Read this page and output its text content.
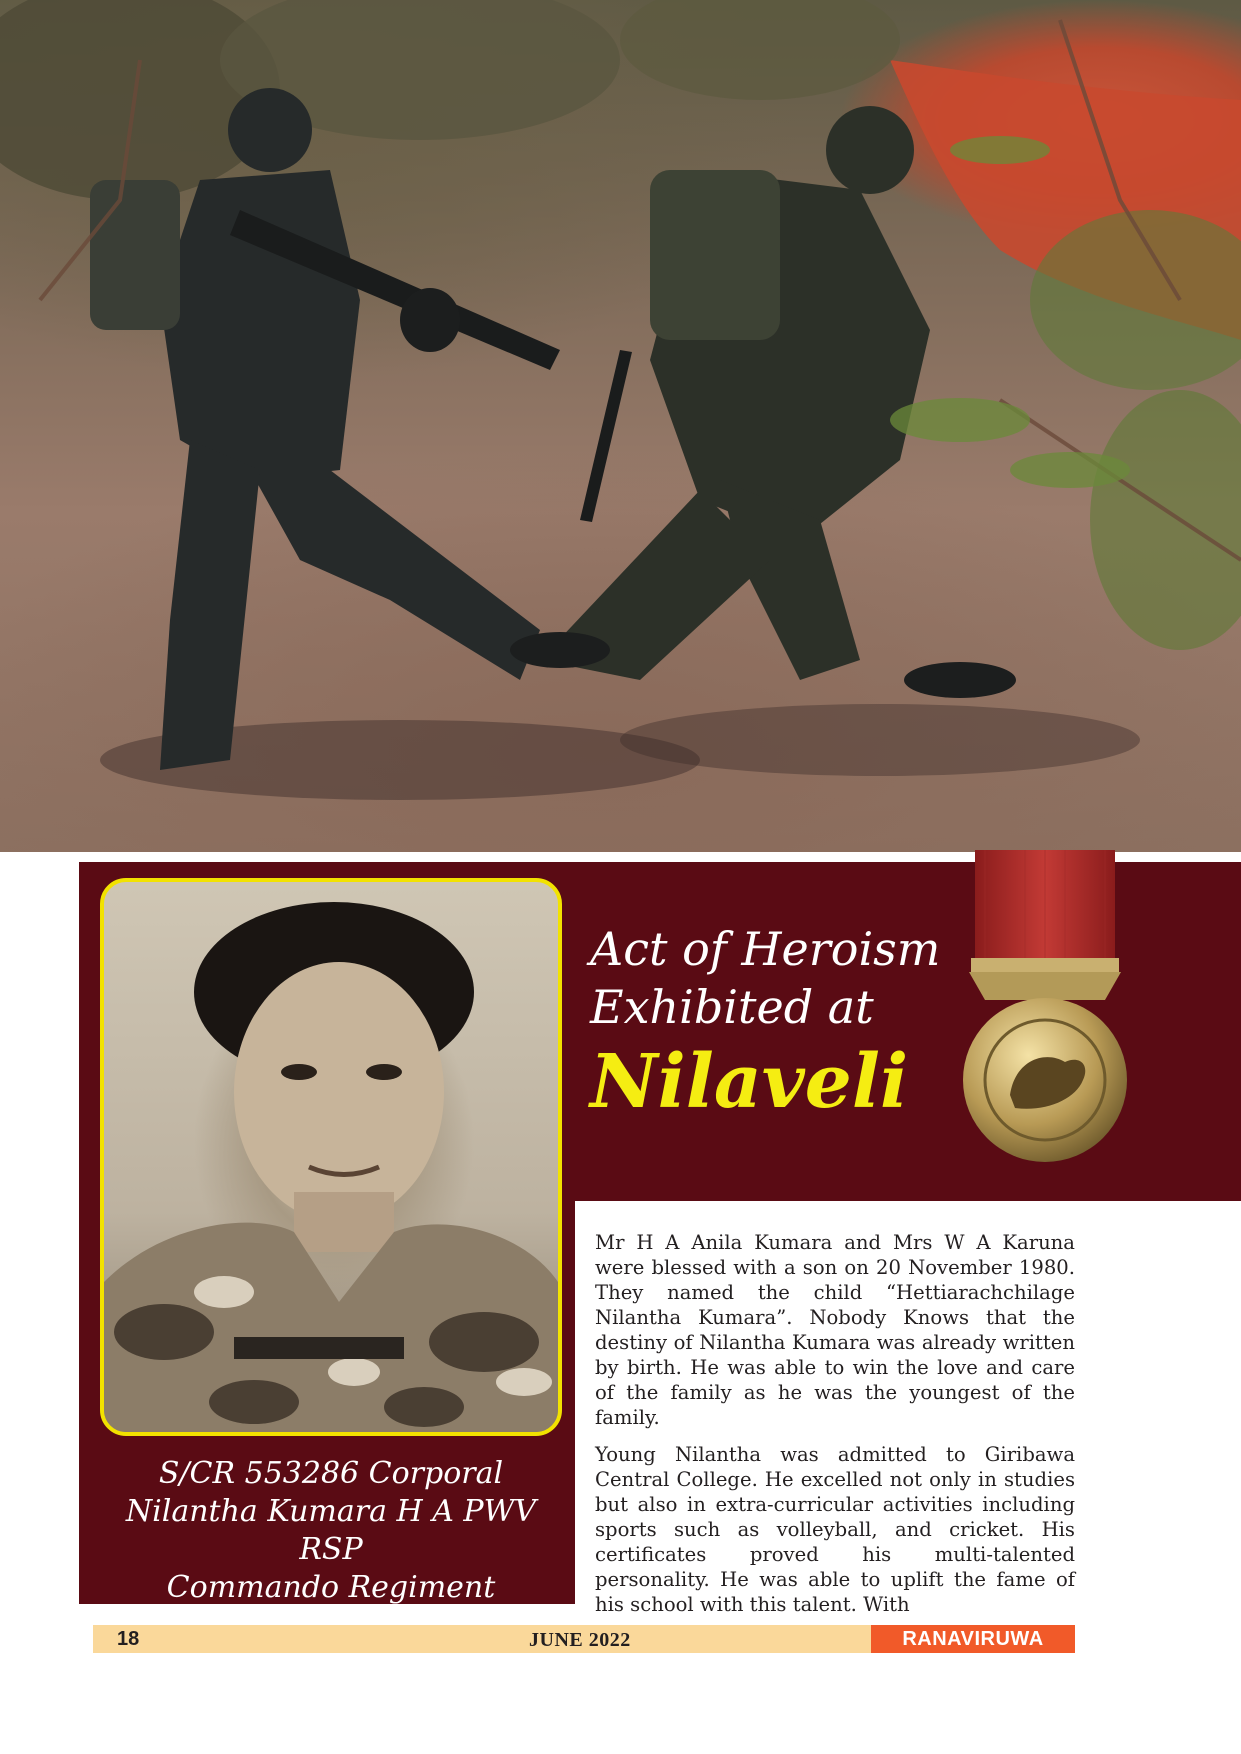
Act of Heroism
Exhibited at
Nilaveli
S/CR 553286 Corporal
Nilantha Kumara H A PWV RSP
Commando Regiment

Mr H A Anila Kumara and Mrs W A Karuna were blessed with a son on 20 November 1980. They named the child “Hettiarachchilage Nilantha Kumara”. Nobody Knows that the destiny of Nilantha Kumara was already written by birth. He was able to win the love and care of the family as he was the youngest of the family.

Young Nilantha was admitted to Giribawa Central College. He excelled not only in studies but also in extra-curricular activities including sports such as volleyball, and cricket. His certificates proved his multi-talented personality. He was able to uplift the fame of his school with this talent. With

18	JUNE 2022	RANAVIRUWA
